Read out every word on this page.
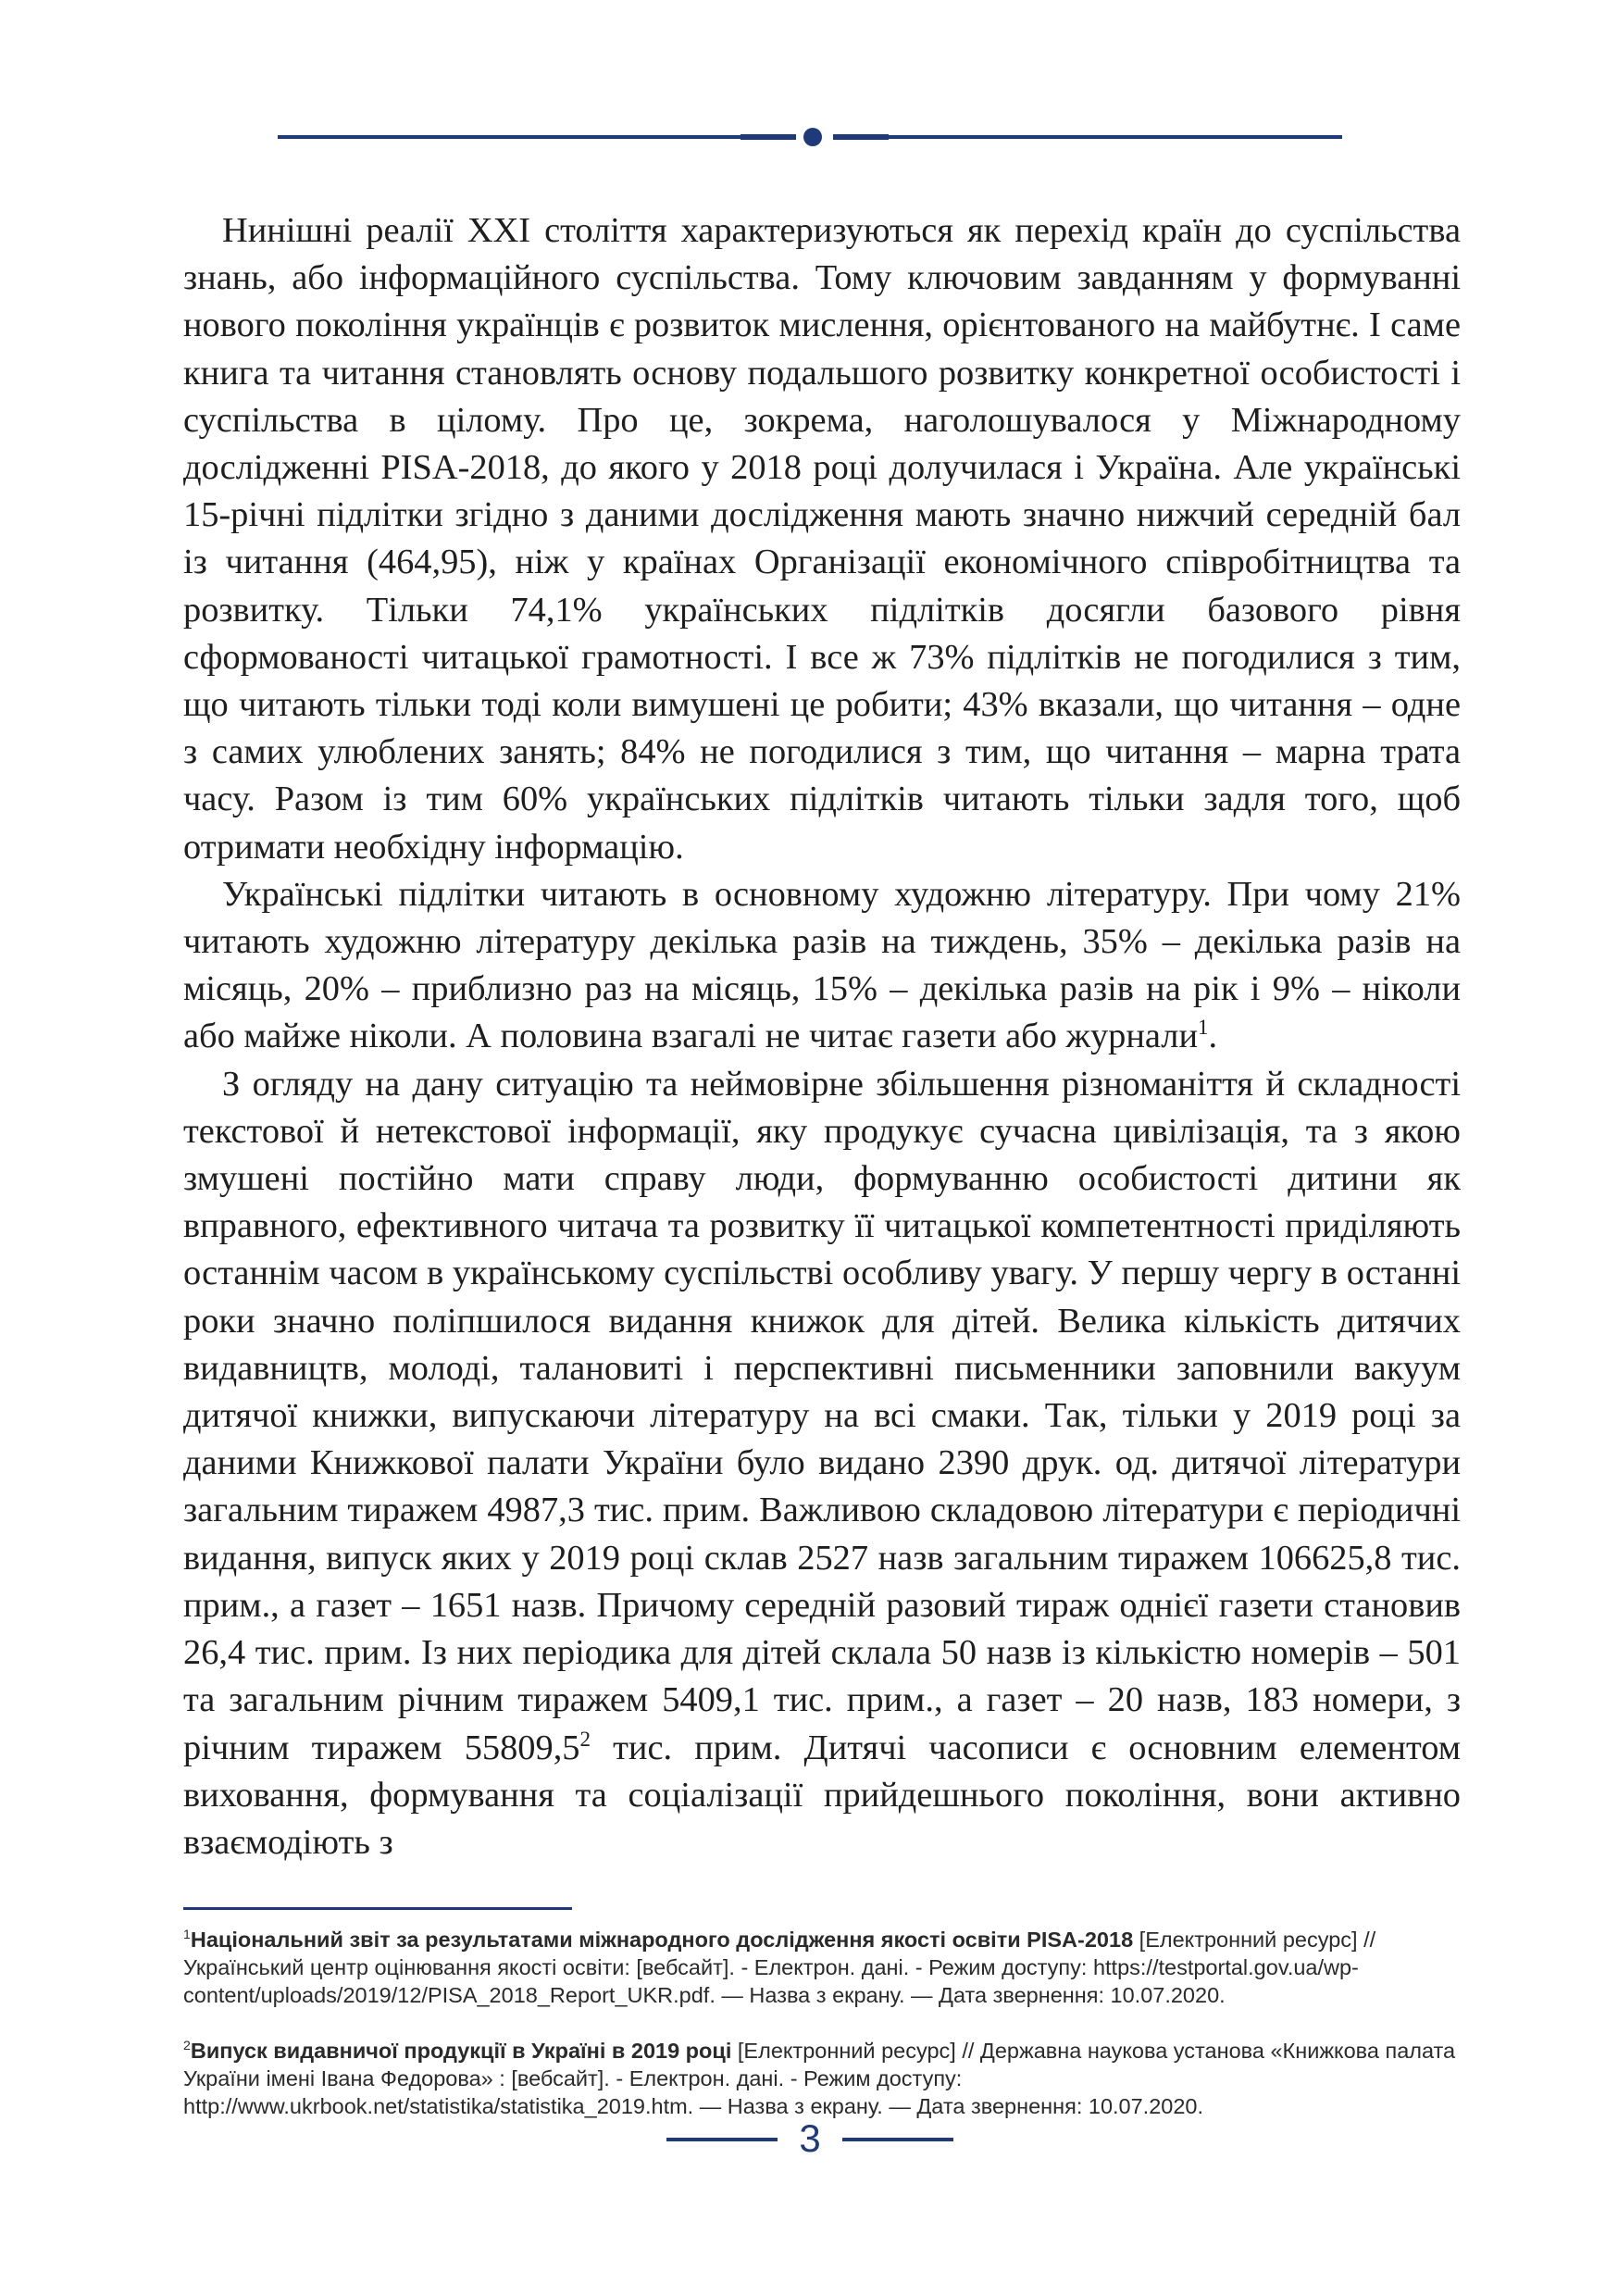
Нинішні реалії XXI століття характеризуються як перехід країн до суспільства знань, або інформаційного суспільства. Тому ключовим завданням у формуванні нового покоління українців є розвиток мислення, орієнтованого на майбутнє. І саме книга та читання становлять основу подальшого розвитку конкретної особистості і суспільства в цілому. Про це, зокрема, наголошувалося у Міжнародному дослідженні PISA-2018, до якого у 2018 році долучилася і Україна. Але українські 15-річні підлітки згідно з даними дослідження мають значно нижчий середній бал із читання (464,95), ніж у країнах Організації економічного співробітництва та розвитку. Тільки 74,1% українських підлітків досягли базового рівня сформованості читацької грамотності. І все ж 73% підлітків не погодилися з тим, що читають тільки тоді коли вимушені це робити; 43% вказали, що читання – одне з самих улюблених занять; 84% не погодилися з тим, що читання – марна трата часу. Разом із тим 60% українських підлітків читають тільки задля того, щоб отримати необхідну інформацію.

Українські підлітки читають в основному художню літературу. При чому 21% читають художню літературу декілька разів на тиждень, 35% – декілька разів на місяць, 20% – приблизно раз на місяць, 15% – декілька разів на рік і 9% – ніколи або майже ніколи. А половина взагалі не читає газети або журнали$^1$.

З огляду на дану ситуацію та неймовірне збільшення різноманіття й складності текстової й нетекстової інформації, яку продукує сучасна цивілізація, та з якою змушені постійно мати справу люди, формуванню особистості дитини як вправного, ефективного читача та розвитку її читацької компетентності приділяють останнім часом в українському суспільстві особливу увагу. У першу чергу в останні роки значно поліпшилося видання книжок для дітей. Велика кількість дитячих видавництв, молоді, талановиті і перспективні письменники заповнили вакуум дитячої книжки, випускаючи літературу на всі смаки. Так, тільки у 2019 році за даними Книжкової палати України було видано 2390 друк. од. дитячої літератури загальним тиражем 4987,3 тис. прим. Важливою складовою літератури є періодичні видання, випуск яких у 2019 році склав 2527 назв загальним тиражем 106625,8 тис. прим., а газет – 1651 назв. Причому середній разовий тираж однієї газети становив 26,4 тис. прим. Із них періодика для дітей склала 50 назв із кількістю номерів – 501 та загальним річним тиражем 5409,1 тис. прим., а газет – 20 назв, 183 номери, з річним тиражем 55809,5$^2$ тис. прим. Дитячі часописи є основним елементом виховання, формування та соціалізації прийдешнього покоління, вони активно взаємодіють з

$^1$Національний звіт за результатами міжнародного дослідження якості освіти PISA-2018 [Електронний ресурс] // Український центр оцінювання якості освіти: [вебсайт]. - Електрон. дані. - Режим доступу: https://testportal.gov.ua/wp-content/uploads/2019/12/PISA_2018_Report_UKR.pdf. — Назва з екрану. — Дата звернення: 10.07.2020.

$^2$Випуск видавничої продукції в Україні в 2019 році [Електронний ресурс] // Державна наукова установа «Книжкова палата України імені Івана Федорова» : [вебсайт]. - Електрон. дані. - Режим доступу: http://www.ukrbook.net/statistika/statistika_2019.htm. — Назва з екрану. — Дата звернення: 10.07.2020.

3
